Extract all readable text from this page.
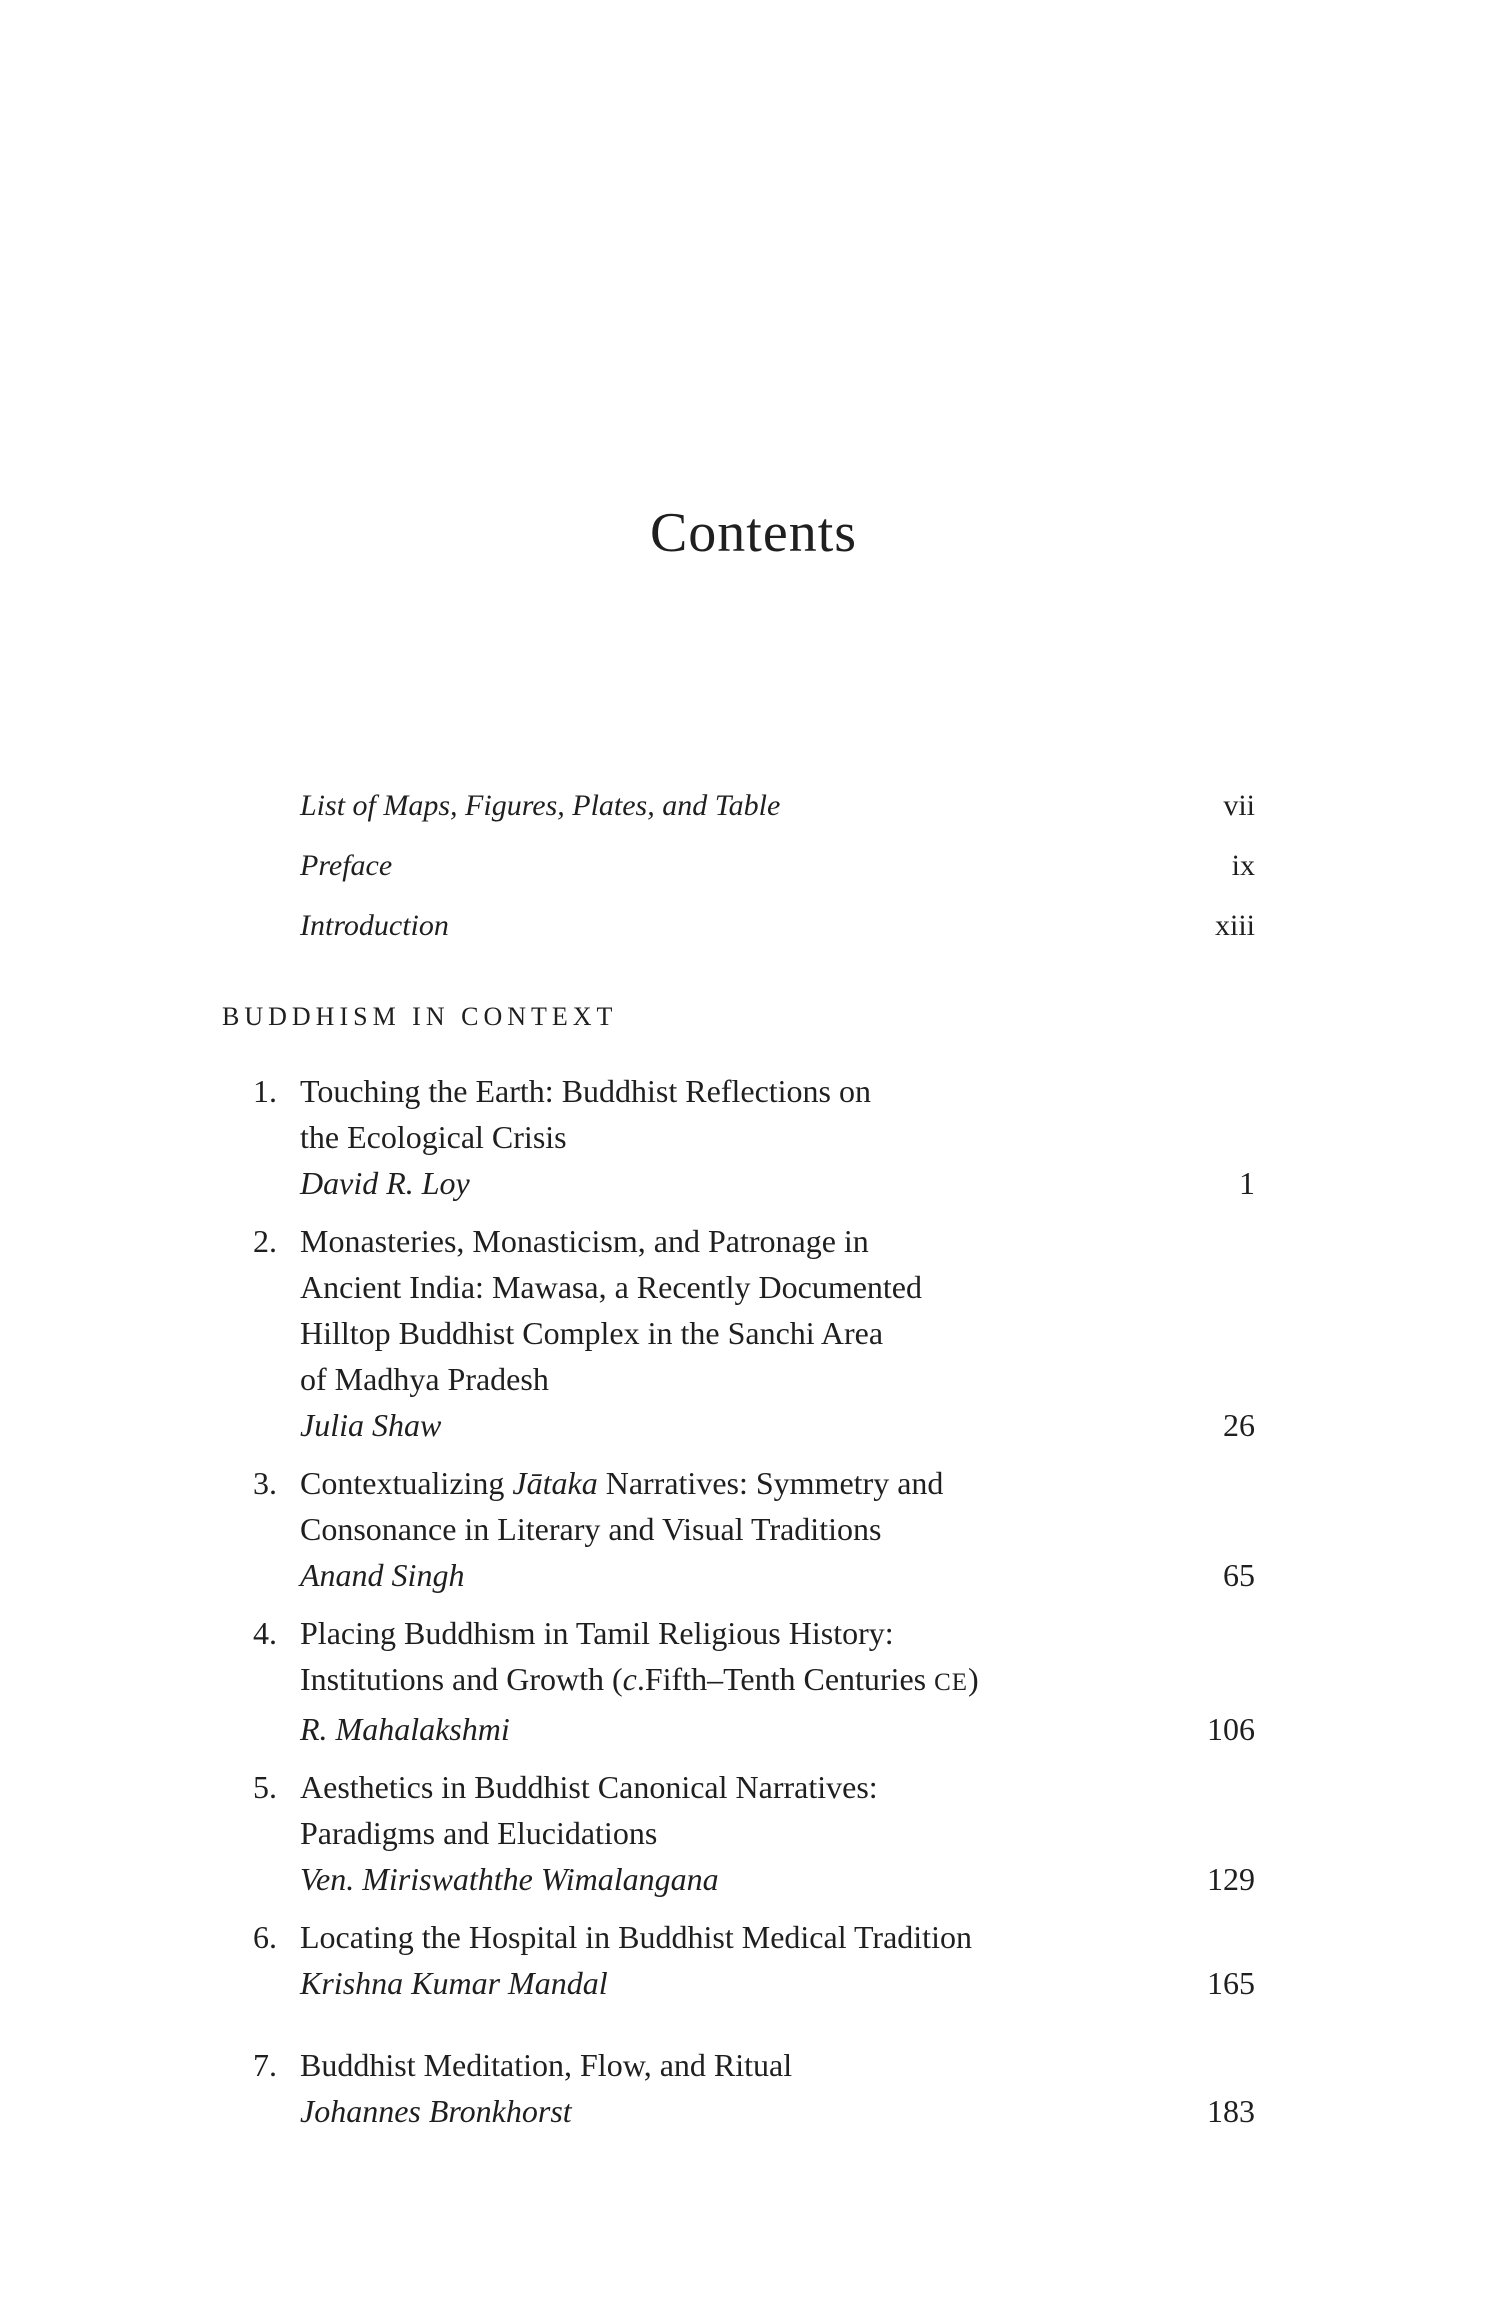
Contents
List of Maps, Figures, Plates, and Table	vii
Preface	ix
Introduction	xiii
BUDDHISM IN CONTEXT
1. Touching the Earth: Buddhist Reflections on
the Ecological Crisis
David R. Loy	1
2. Monasteries, Monasticism, and Patronage in
Ancient India: Mawasa, a Recently Documented
Hilltop Buddhist Complex in the Sanchi Area
of Madhya Pradesh
Julia Shaw	26
3. Contextualizing Jātaka Narratives: Symmetry and
Consonance in Literary and Visual Traditions
Anand Singh	65
4. Placing Buddhism in Tamil Religious History:
Institutions and Growth (c.Fifth–Tenth Centuries CE)
R. Mahalakshmi	106
5. Aesthetics in Buddhist Canonical Narratives:
Paradigms and Elucidations
Ven. Miriswaththe Wimalangana	129
6. Locating the Hospital in Buddhist Medical Tradition
Krishna Kumar Mandal	165
7. Buddhist Meditation, Flow, and Ritual
Johannes Bronkhorst	183
